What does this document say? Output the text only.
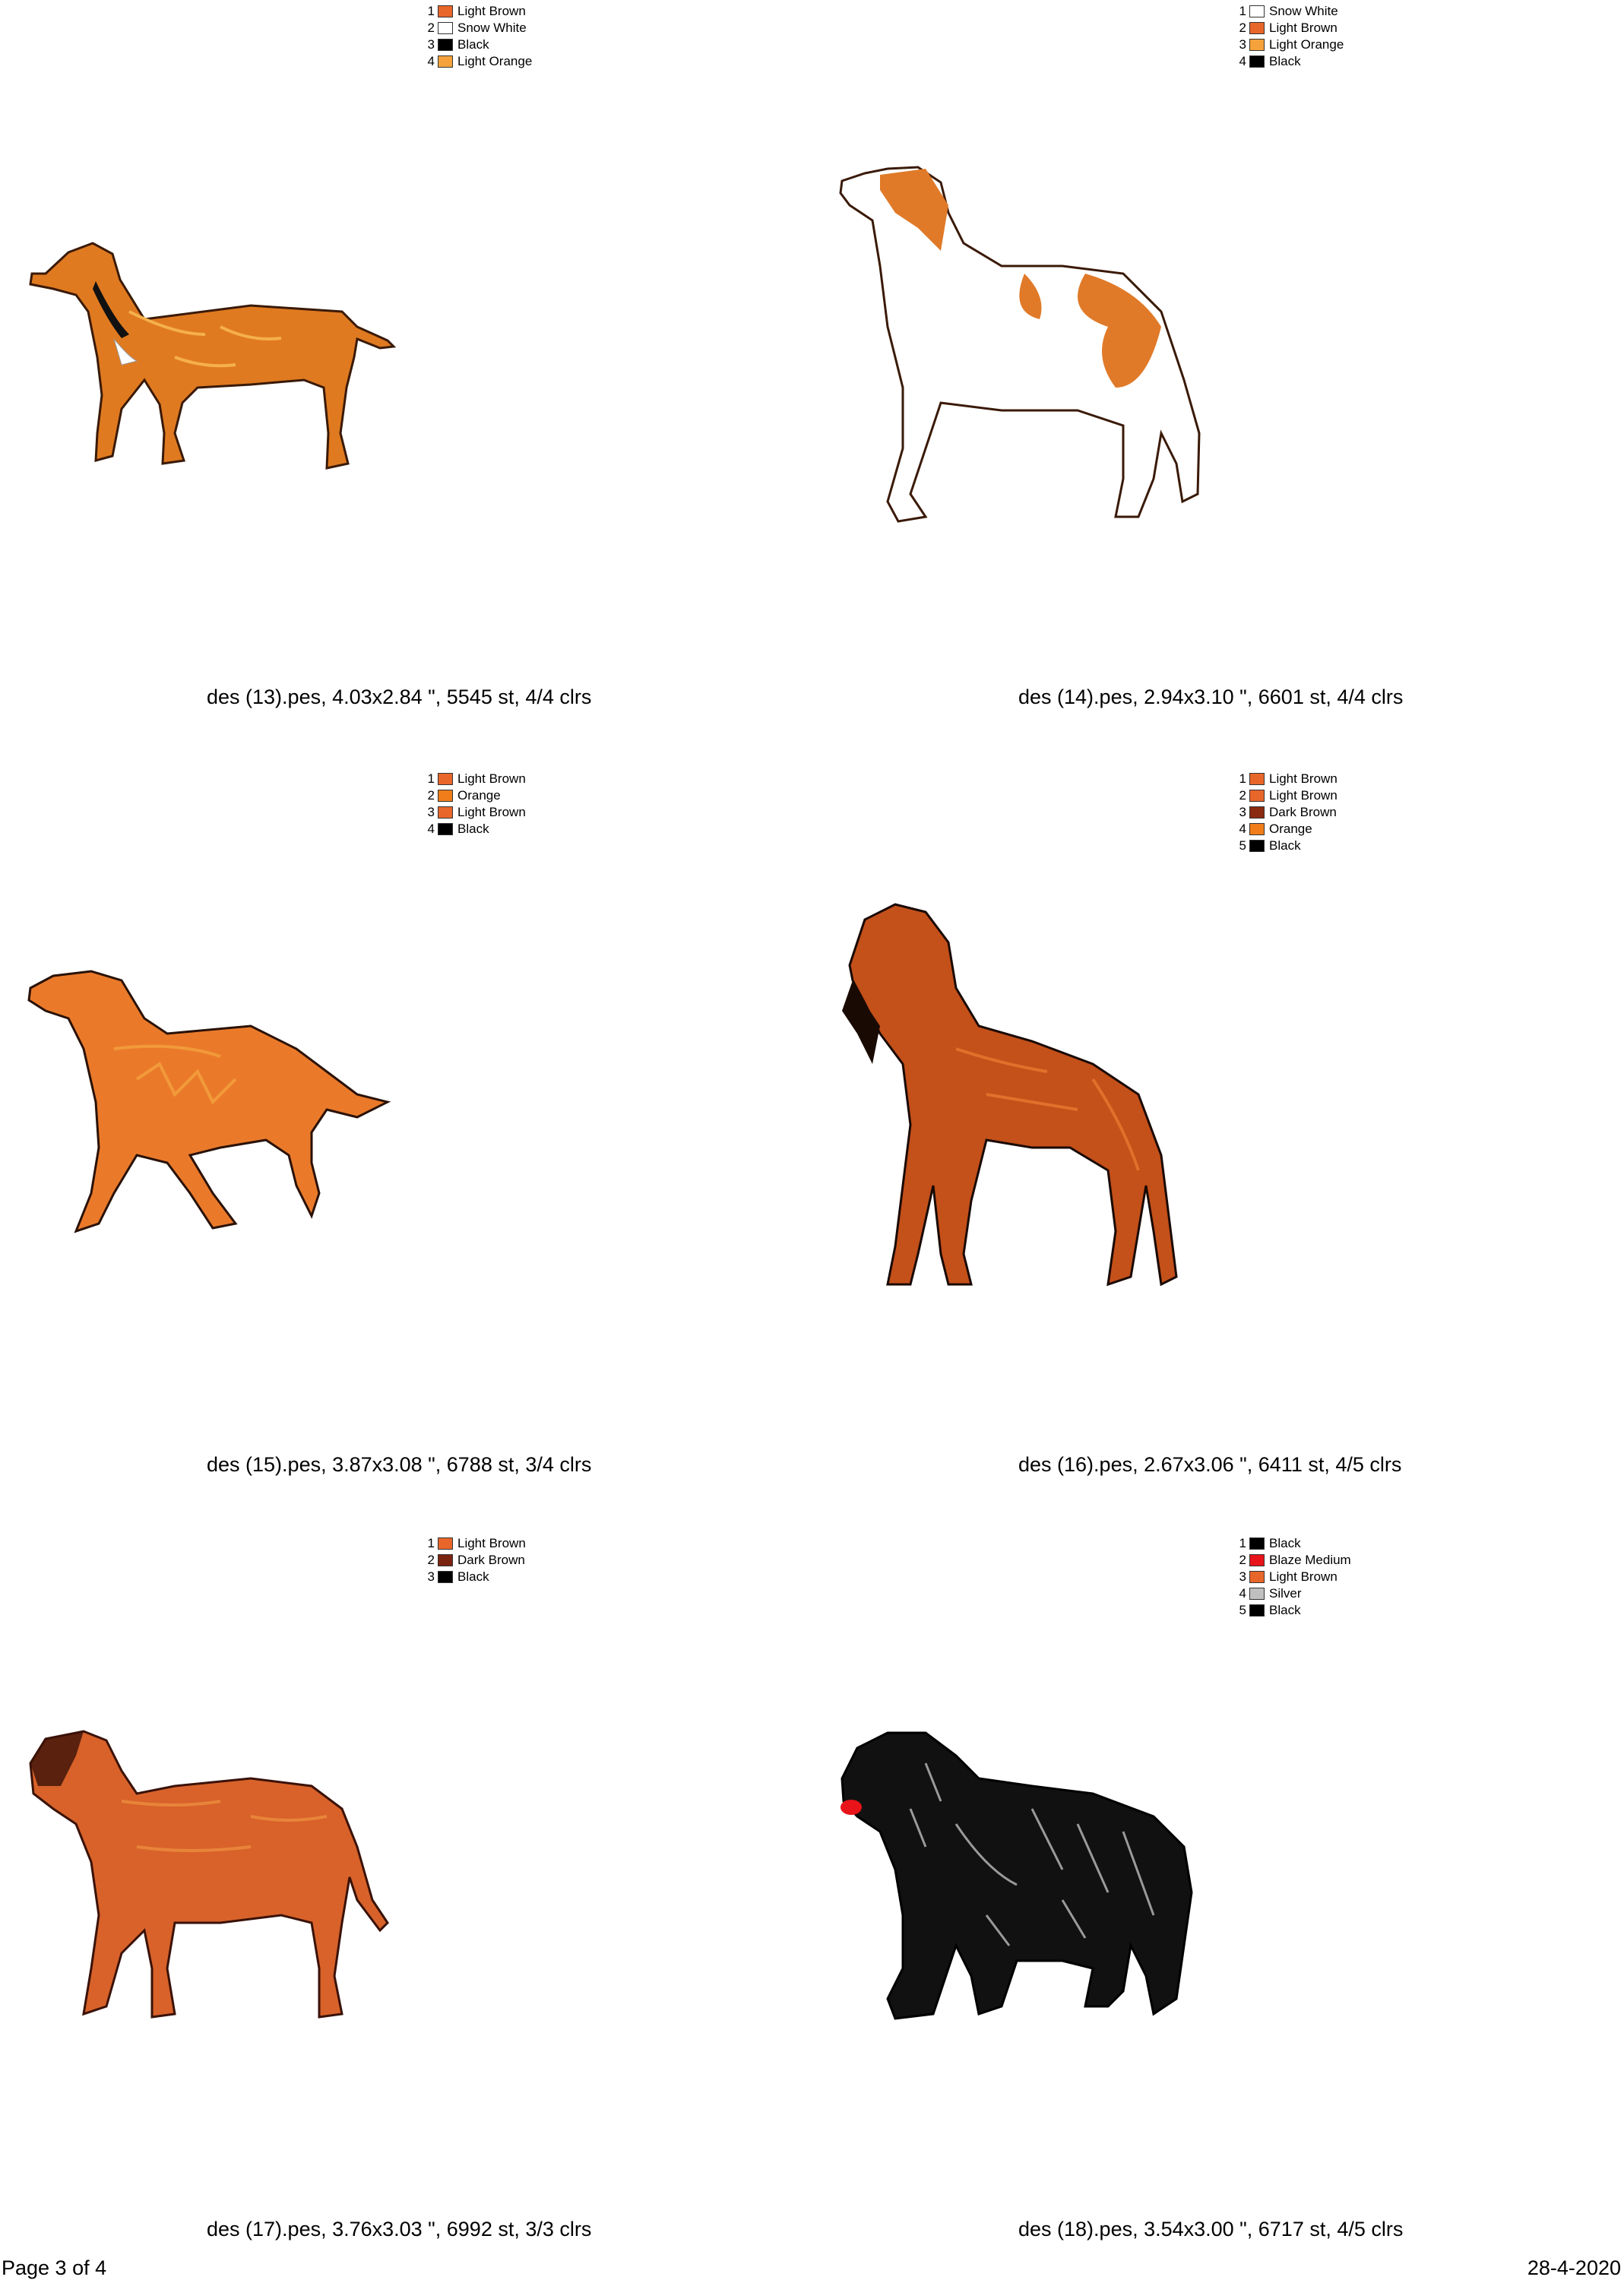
1 Light Brown
2 Snow White
3 Black
4 Light Orange
des (13).pes, 4.03x2.84 ", 5545 st, 4/4 clrs
1 Snow White
2 Light Brown
3 Light Orange
4 Black
des (14).pes, 2.94x3.10 ", 6601 st, 4/4 clrs
1 Light Brown
2 Orange
3 Light Brown
4 Black
des (15).pes, 3.87x3.08 ", 6788 st, 3/4 clrs
1 Light Brown
2 Light Brown
3 Dark Brown
4 Orange
5 Black
des (16).pes, 2.67x3.06 ", 6411 st, 4/5 clrs
1 Light Brown
2 Dark Brown
3 Black
des (17).pes, 3.76x3.03 ", 6992 st, 3/3 clrs
1 Black
2 Blaze Medium
3 Light Brown
4 Silver
5 Black
des (18).pes, 3.54x3.00 ", 6717 st, 4/5 clrs
Page 3 of 4	28-4-2020
